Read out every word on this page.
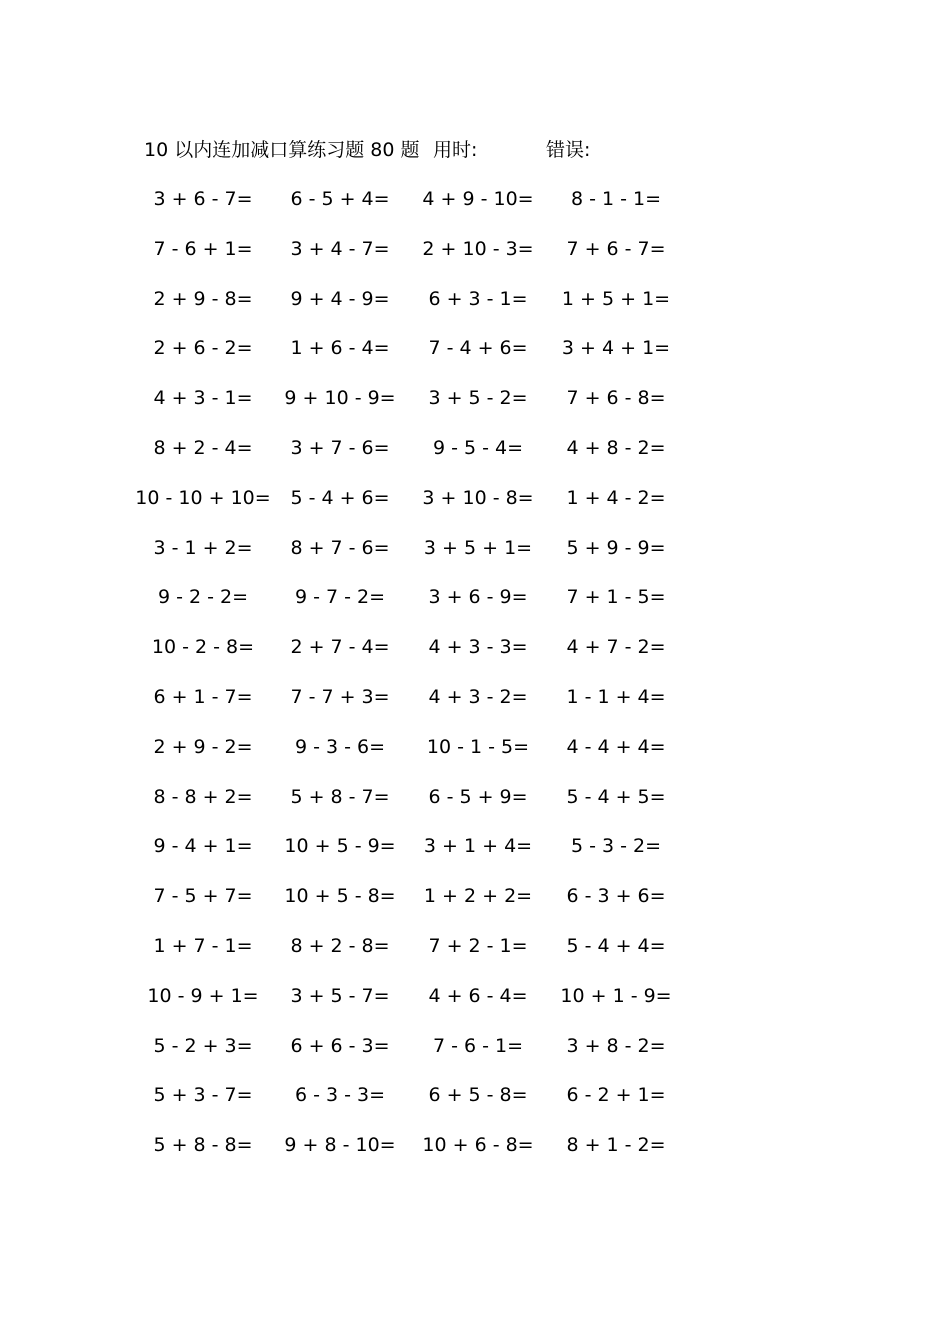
10 以内连加减口算练习题 80 题 用时:	错误:
3 + 6 - 7= 6 - 5 + 4= 4 + 9 - 10= 8 - 1 - 1=
7 - 6 + 1= 3 + 4 - 7= 2 + 10 - 3= 7 + 6 - 7=
2 + 9 - 8= 9 + 4 - 9= 6 + 3 - 1= 1 + 5 + 1=
2 + 6 - 2= 1 + 6 - 4= 7 - 4 + 6= 3 + 4 + 1=
4 + 3 - 1= 9 + 10 - 9= 3 + 5 - 2= 7 + 6 - 8=
8 + 2 - 4= 3 + 7 - 6= 9 - 5 - 4= 4 + 8 - 2=
10 - 10 + 10= 5 - 4 + 6= 3 + 10 - 8= 1 + 4 - 2=
3 - 1 + 2= 8 + 7 - 6= 3 + 5 + 1= 5 + 9 - 9=
9 - 2 - 2= 9 - 7 - 2= 3 + 6 - 9= 7 + 1 - 5=
10 - 2 - 8= 2 + 7 - 4= 4 + 3 - 3= 4 + 7 - 2=
6 + 1 - 7= 7 - 7 + 3= 4 + 3 - 2= 1 - 1 + 4=
2 + 9 - 2= 9 - 3 - 6= 10 - 1 - 5= 4 - 4 + 4=
8 - 8 + 2= 5 + 8 - 7= 6 - 5 + 9= 5 - 4 + 5=
9 - 4 + 1= 10 + 5 - 9= 3 + 1 + 4= 5 - 3 - 2=
7 - 5 + 7= 10 + 5 - 8= 1 + 2 + 2= 6 - 3 + 6=
1 + 7 - 1= 8 + 2 - 8= 7 + 2 - 1= 5 - 4 + 4=
10 - 9 + 1= 3 + 5 - 7= 4 + 6 - 4= 10 + 1 - 9=
5 - 2 + 3= 6 + 6 - 3= 7 - 6 - 1= 3 + 8 - 2=
5 + 3 - 7= 6 - 3 - 3= 6 + 5 - 8= 6 - 2 + 1=
5 + 8 - 8= 9 + 8 - 10= 10 + 6 - 8= 8 + 1 - 2=
